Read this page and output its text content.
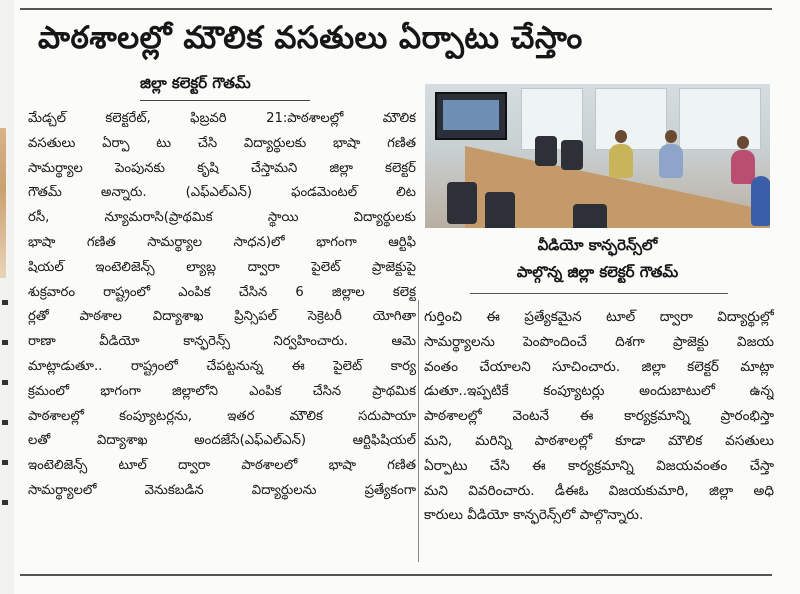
పాఠశాలల్లో మౌలిక వసతులు ఏర్పాటు చేస్తాం
జిల్లా కలెక్టర్ గౌతమ్
వీడియో కాన్ఫరెన్స్‌లో
పాల్గొన్న జిల్లా కలెక్టర్ గౌతమ్
మేడ్చల్ కలెక్టరేట్, ఫిబ్రవరి 21:పాఠశాలల్లో మౌలిక
వసతులు ఏర్పా టు చేసి విద్యార్థులకు భాషా గణిత
సామర్థ్యాల పెంపునకు కృషి చేస్తామని జిల్లా కలెక్టర్
గౌతమ్ అన్నారు. (ఎఫ్ఎల్ఎన్) ఫండమెంటల్ లిట
రసీ, న్యూమరాసి(ప్రాథమిక స్థాయి విద్యార్థులకు
భాషా గణిత సామర్థ్యాల సాధన)లో భాగంగా ఆర్టిఫి
షియల్ ఇంటెలిజెన్స్ ల్యాబ్ల ద్వారా పైలెట్ ప్రాజెక్టుపై
శుక్రవారం రాష్ట్రంలో ఎంపిక చేసిన 6 జిల్లాల కలెక్ట
ర్లతో పాఠశాల విద్యాశాఖ ప్రిన్సిపల్ సెక్రెటరీ యోగితా
రాణా వీడియో కాన్ఫరెన్స్ నిర్వహించారు. ఆమె
మాట్లాడుతూ.. రాష్ట్రంలో చేపట్టనున్న ఈ పైలెట్ కార్య
క్రమంలో భాగంగా జిల్లాలోని ఎంపిక చేసిన ప్రాథమిక
పాఠశాలల్లో కంప్యూటర్లను, ఇతర మౌలిక సదుపాయా
లతో విద్యాశాఖ అందజేసే(ఎఫ్ఎల్ఎన్) ఆర్టిఫిషియల్
ఇంటెలిజెన్స్ టూల్ ద్వారా పాఠశాలలో భాషా గణిత
సామర్థ్యాలలో వెనుకబడిన విద్యార్థులను ప్రత్యేకంగా
గుర్తించి ఈ ప్రత్యేకమైన టూల్ ద్వారా విద్యార్థుల్లో
సామర్థ్యాలను పెంపొందించే దిశగా ప్రాజెక్టు విజయ
వంతం చేయాలని సూచించారు. జిల్లా కలెక్టర్ మాట్లా
డుతూ..ఇప్పటికే కంప్యూటర్లు అందుబాటులో ఉన్న
పాఠశాలల్లో వెంటనే ఈ కార్యక్రమాన్ని ప్రారంభిస్తా
మని, మరిన్ని పాఠశాలల్లో కూడా మౌలిక వసతులు
ఏర్పాటు చేసి ఈ కార్యక్రమాన్ని విజయవంతం చేస్తా
మని వివరించారు. డీఈఓ విజయకుమారి, జిల్లా అధి
కారులు వీడియో కాన్ఫరెన్స్‌లో పాల్గొన్నారు.
